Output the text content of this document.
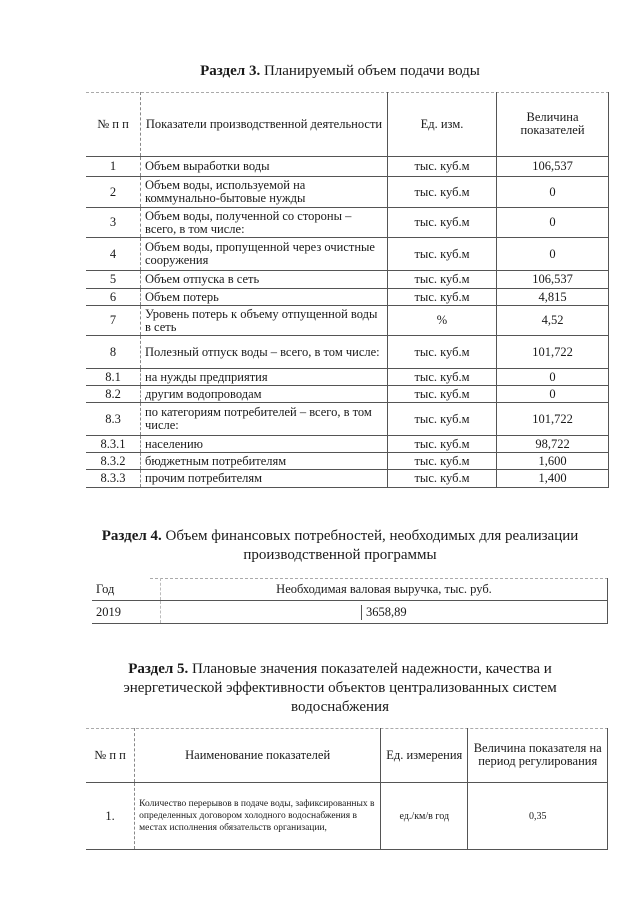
Раздел 3. Планируемый объем подачи воды
№ п п	Показатели производственной деятельности	Ед. изм.	Величина показателей
1	Объем выработки воды	тыс. куб.м	106,537
2	Объем воды, используемой на коммунально-бытовые нужды	тыс. куб.м	0
3	Объем воды, полученной со стороны – всего, в том числе:	тыс. куб.м	0
4	Объем воды, пропущенной через очистные сооружения	тыс. куб.м	0
5	Объем отпуска в сеть	тыс. куб.м	106,537
6	Объем потерь	тыс. куб.м	4,815
7	Уровень потерь к объему отпущенной воды в сеть	%	4,52
8	Полезный отпуск воды – всего, в том числе:	тыс. куб.м	101,722
8.1	на нужды предприятия	тыс. куб.м	0
8.2	другим водопроводам	тыс. куб.м	0
8.3	по категориям потребителей – всего, в том числе:	тыс. куб.м	101,722
8.3.1	населению	тыс. куб.м	98,722
8.3.2	бюджетным потребителям	тыс. куб.м	1,600
8.3.3	прочим потребителям	тыс. куб.м	1,400
Раздел 4. Объем финансовых потребностей, необходимых для реализации
производственной программы
Год	Необходимая валовая выручка, тыс. руб.
2019	3658,89
Раздел 5. Плановые значения показателей надежности, качества и
энергетической эффективности объектов централизованных систем
водоснабжения
№ п п	Наименование показателей	Ед. измерения	Величина показателя на период регулирования
1.	Количество перерывов в подаче воды, зафиксированных в определенных договором холодного водоснабжения в местах исполнения обязательств организации,	ед./км/в год	0,35
